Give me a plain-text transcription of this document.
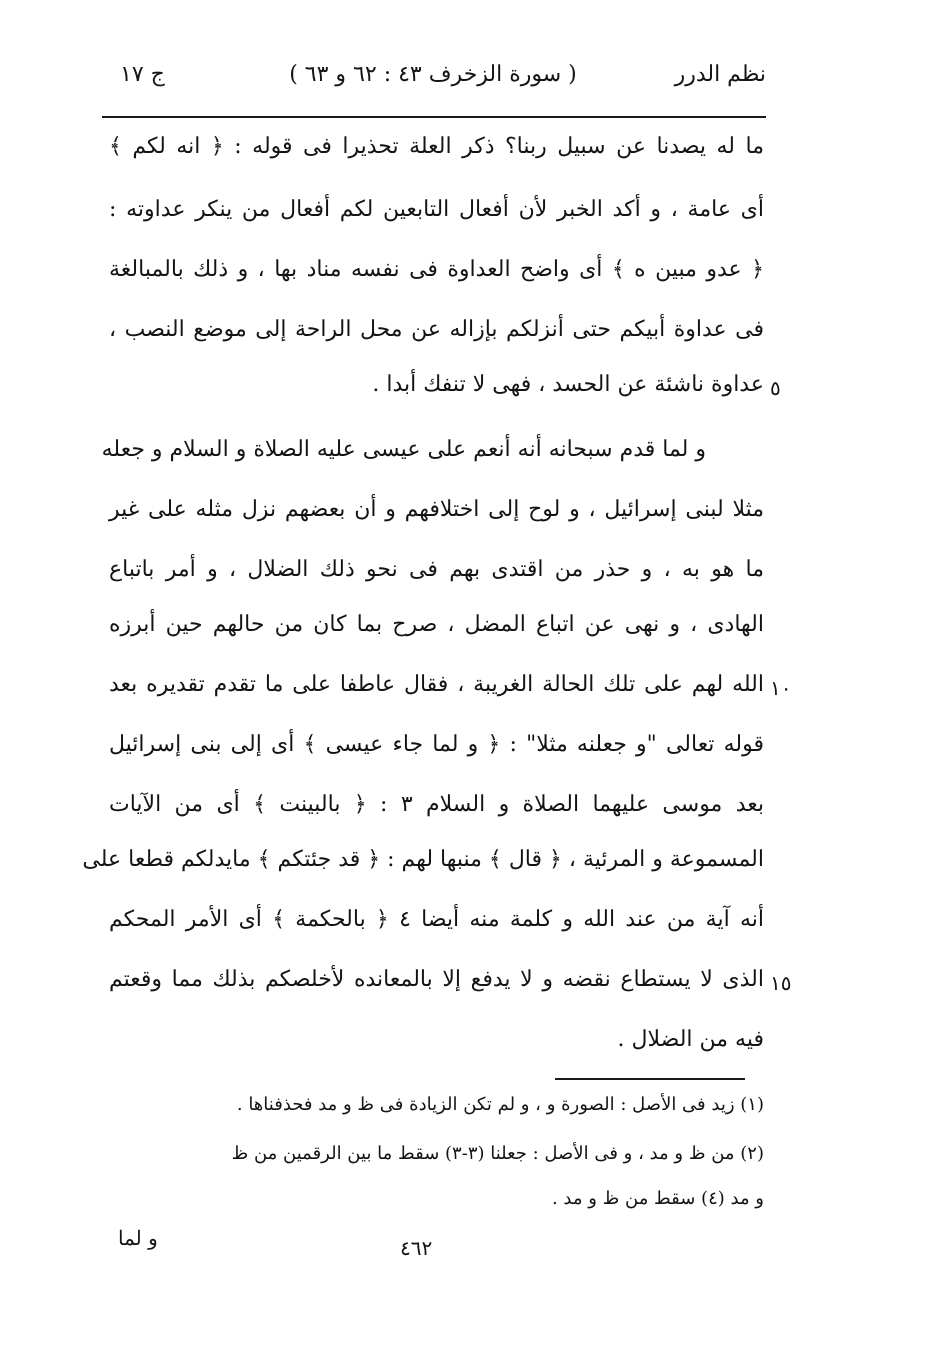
نظم الدرر
( سورة الزخرف ٤٣ : ٦٢ و ٦٣ )
ج ١٧
ما له يصدنا عن سبيل ربنا؟ ذكر العلة تحذيرا فى قوله : ﴿ انه لكم ﴾
أى عامة ، و أكد الخبر لأن أفعال التابعين لكم أفعال من ينكر عداوته :
﴿ عدو مبين ه ﴾ أى واضح العداوة فى نفسه مناد بها ، و ذلك بالمبالغة
فى عداوة أبيكم حتى أنزلكم بإزاله عن محل الراحة إلى موضع النصب ،
عداوة ناشئة عن الحسد ، فهى لا تنفك أبدا . ٥
و لما قدم سبحانه أنه أنعم على عيسى عليه الصلاة و السلام و جعله
مثلا لبنى إسرائيل ، و لوح إلى اختلافهم و أن بعضهم نزل مثله على غير
ما هو به ، و حذر من اقتدى بهم فى نحو ذلك الضلال ، و أمر باتباع
الهادى ، و نهى عن اتباع المضل ، صرح بما كان من حالهم حين أبرزه
الله لهم على تلك الحالة الغريبة ، فقال عاطفا على ما تقدم تقديره بعد ١٠
قوله تعالى "و جعلنه مثلا" : ﴿ و لما جاء عيسى ﴾ أى إلى بنى إسرائيل
بعد موسى عليهما الصلاة و السلام ٣ : ﴿ بالبينت ﴾ أى من الآيات
المسموعة و المرئية ، ﴿ قال ﴾ منبها لهم : ﴿ قد جئتكم ﴾ مايدلكم قطعا على
أنه آية من عند الله و كلمة منه أيضا ٤ ﴿ بالحكمة ﴾ أى الأمر المحكم
الذى لا يستطاع نقضه و لا يدفع إلا بالمعانده لأخلصكم بذلك مما وقعتم ١٥
فيه من الضلال .
(١) زيد فى الأصل : الصورة و ، و لم تكن الزيادة فى ظ و مد فحذفناها .
(٢) من ظ و مد ، و فى الأصل : جعلنا (٣-٣) سقط ما بين الرقمين من ظ
و مد (٤) سقط من ظ و مد .
و لما	٤٦٢
